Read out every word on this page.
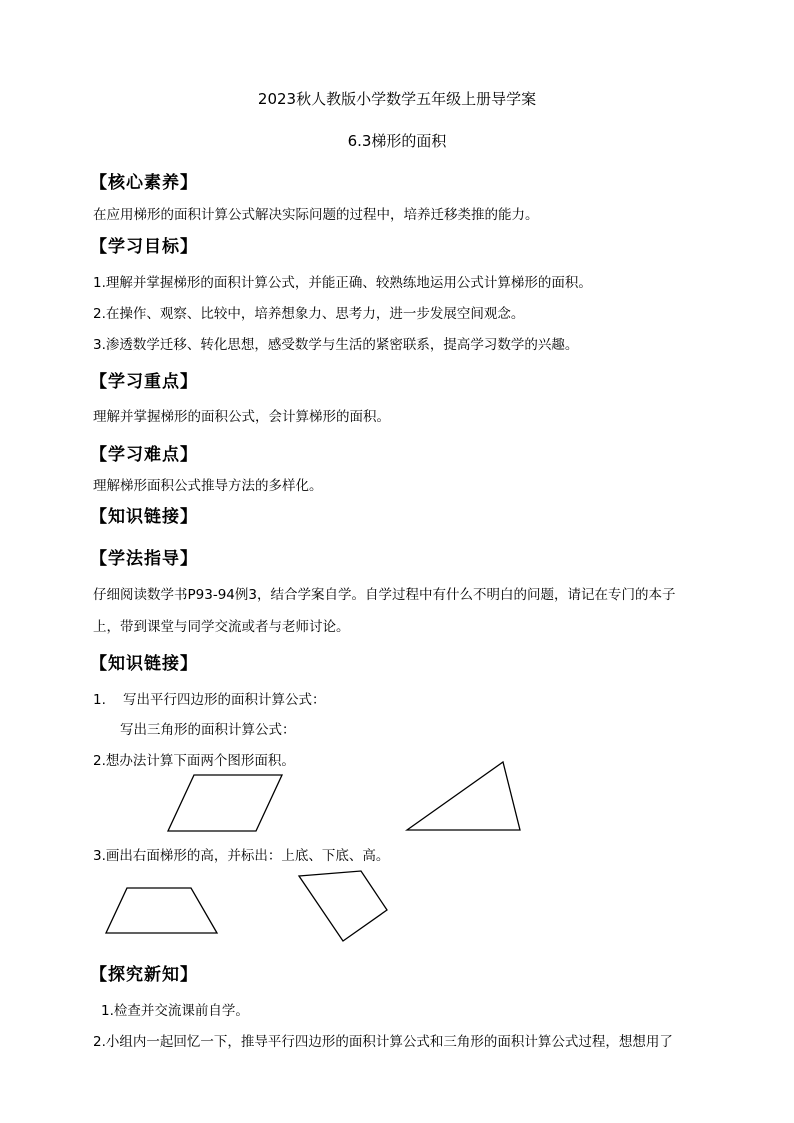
2023秋人教版小学数学五年级上册导学案
6.3梯形的面积
【核心素养】
在应用梯形的面积计算公式解决实际问题的过程中，培养迁移类推的能力。
【学习目标】
1.理解并掌握梯形的面积计算公式，并能正确、较熟练地运用公式计算梯形的面积。
2.在操作、观察、比较中，培养想象力、思考力，进一步发展空间观念。
3.渗透数学迁移、转化思想，感受数学与生活的紧密联系，提高学习数学的兴趣。
【学习重点】
理解并掌握梯形的面积公式，会计算梯形的面积。
【学习难点】
理解梯形面积公式推导方法的多样化。
【知识链接】
【学法指导】
仔细阅读数学书P93-94例3，结合学案自学。自学过程中有什么不明白的问题，请记在专门的本子
上，带到课堂与同学交流或者与老师讨论。
【知识链接】
1.    写出平行四边形的面积计算公式：
写出三角形的面积计算公式：
2.想办法计算下面两个图形面积。
3.画出右面梯形的高，并标出：上底、下底、高。
【探究新知】
1.检查并交流课前自学。
2.小组内一起回忆一下，推导平行四边形的面积计算公式和三角形的面积计算公式过程，想想用了
